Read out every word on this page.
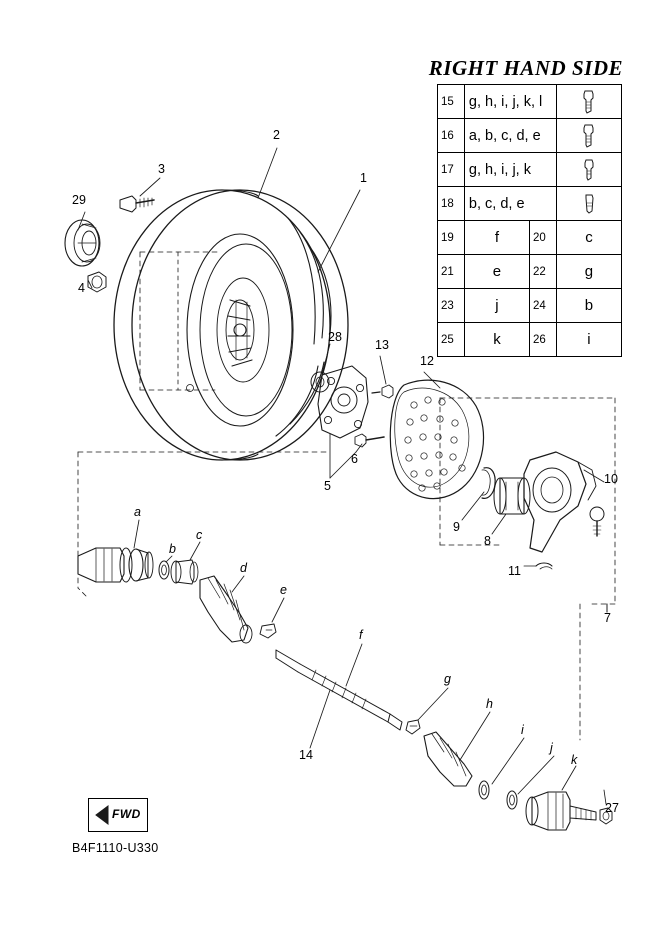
RIGHT HAND SIDE
1
2
3
29
4
28
13
12
5
6
9
8
10
11
7
14
27
a
b
c
d
e
f
g
h
i
j
k
15	g, h, i, j, k, l	

16	a, b, c, d, e	

17	g, h, i, j, k	

18	b, c, d, e	

19	f	20	c
21	e	22	g
23	j	24	b
25	k	26	i
FWD
B4F1110-U330
